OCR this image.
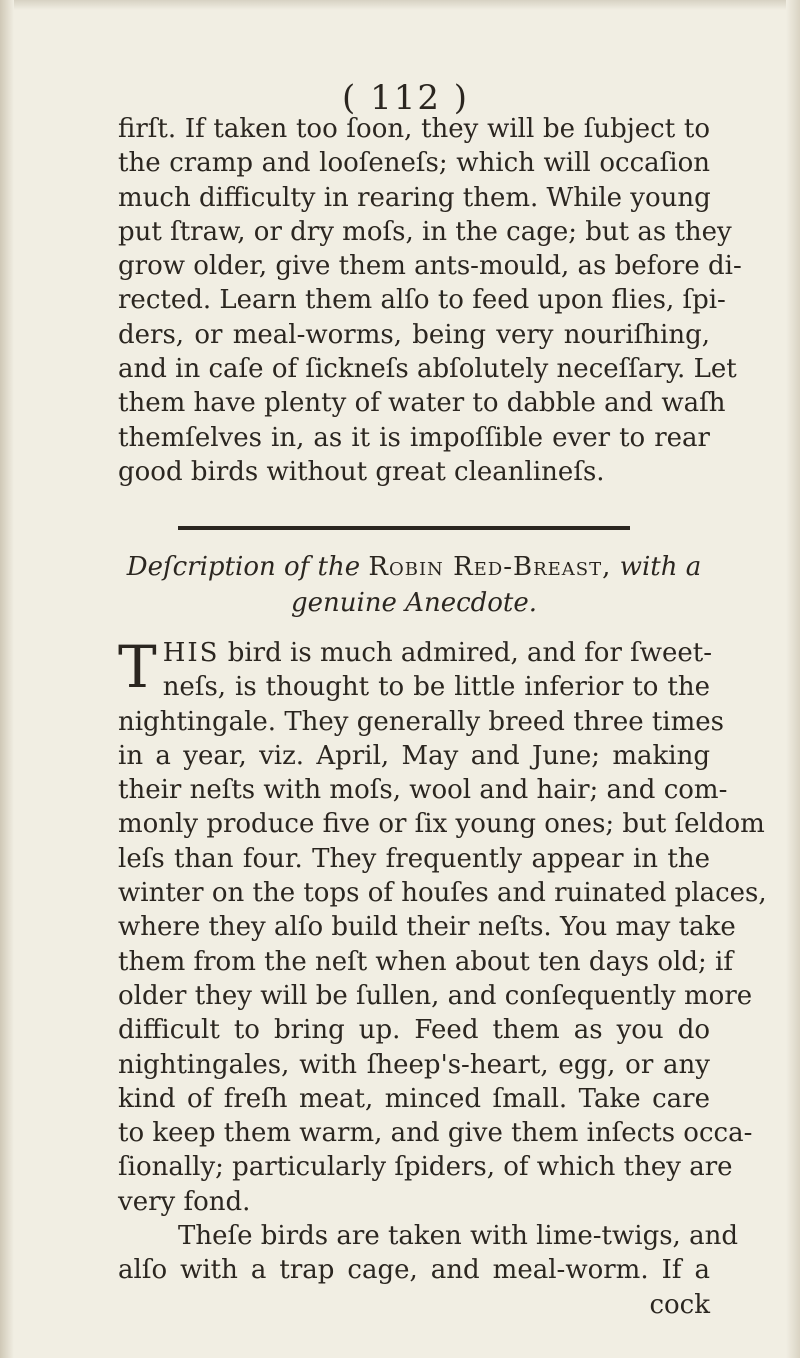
( 112 )
firſt. If taken too ſoon, they will be ſubject to
the cramp and looſeneſs; which will occaſion
much difficulty in rearing them. While young
put ſtraw, or dry moſs, in the cage; but as they
grow older, give them ants-mould, as before di-
rected. Learn them alſo to feed upon flies, ſpi-
ders, or meal-worms, being very nouriſhing,
and in caſe of ſickneſs abſolutely neceſſary. Let
them have plenty of water to dabble and waſh
themſelves in, as it is impoſſible ever to rear
good birds without great cleanlineſs.
Deſcription of the Robin Red-Breast, with a
genuine Anecdote.
T HIS bird is much admired, and for ſweet-
neſs, is thought to be little inferior to the
nightingale. They generally breed three times
in a year, viz. April, May and June; making
their neſts with moſs, wool and hair; and com-
monly produce five or ſix young ones; but ſeldom
leſs than four. They frequently appear in the
winter on the tops of houſes and ruinated places,
where they alſo build their neſts. You may take
them from the neſt when about ten days old; if
older they will be ſullen, and conſequently more
difficult to bring up. Feed them as you do
nightingales, with ſheep's-heart, egg, or any
kind of freſh meat, minced ſmall. Take care
to keep them warm, and give them inſects occa-
ſionally; particularly ſpiders, of which they are
very fond.
Theſe birds are taken with lime-twigs, and
alſo with a trap cage, and meal-worm. If a
cock
